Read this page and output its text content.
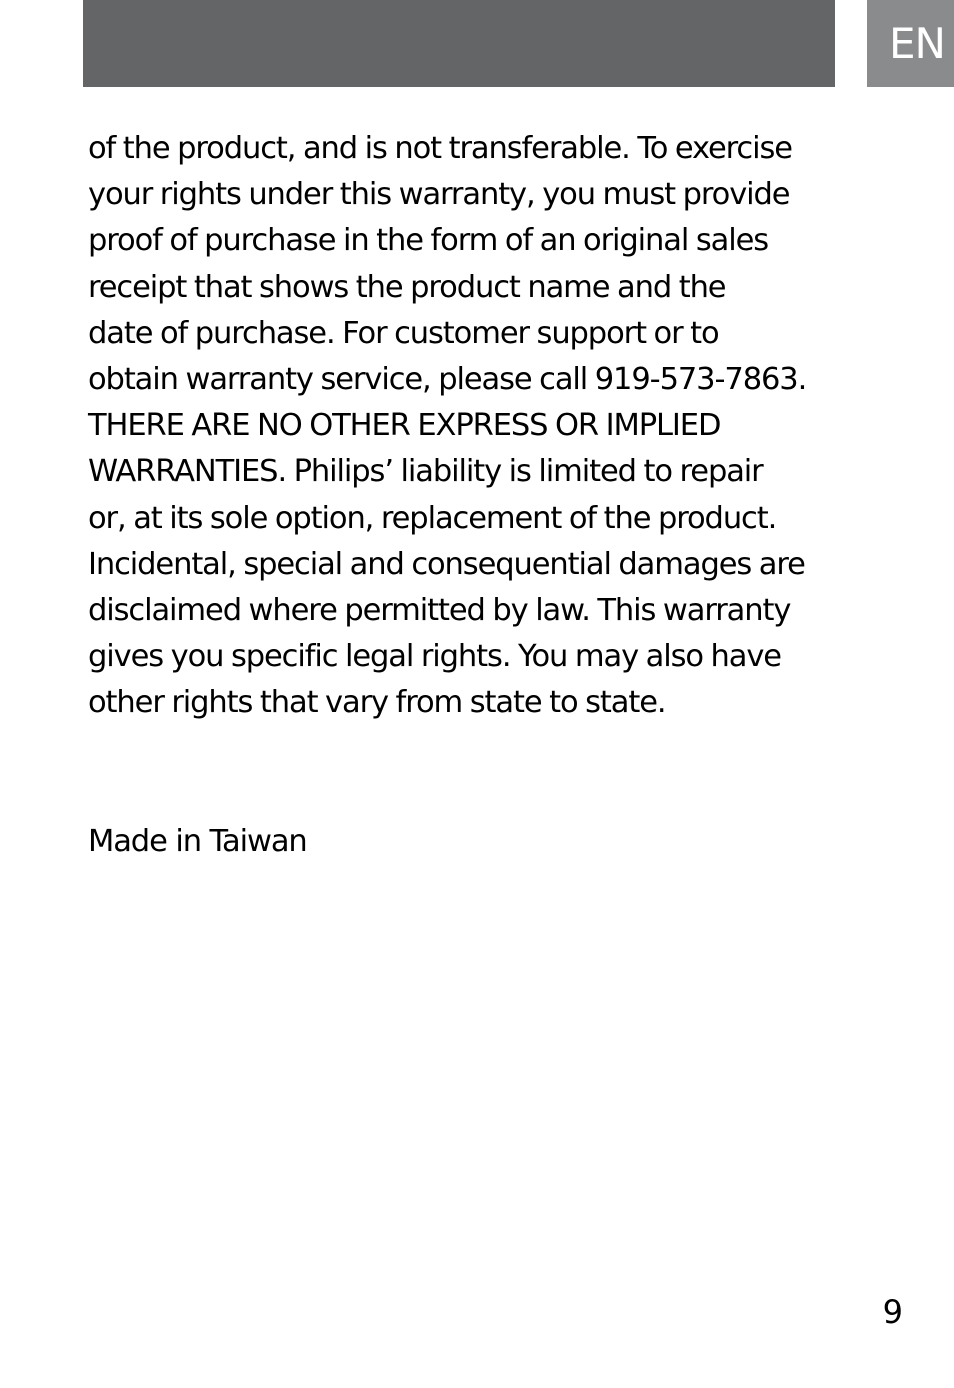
EN

of the product, and is not transferable. To exercise
your rights under this warranty, you must provide
proof of purchase in the form of an original sales
receipt that shows the product name and the
date of purchase. For customer support or to
obtain warranty service, please call 919-573-7863.
THERE ARE NO OTHER EXPRESS OR IMPLIED
WARRANTIES. Philips’ liability is limited to repair
or, at its sole option, replacement of the product.
Incidental, special and consequential damages are
disclaimed where permitted by law. This warranty
gives you specific legal rights. You may also have
other rights that vary from state to state.

Made in Taiwan

9
